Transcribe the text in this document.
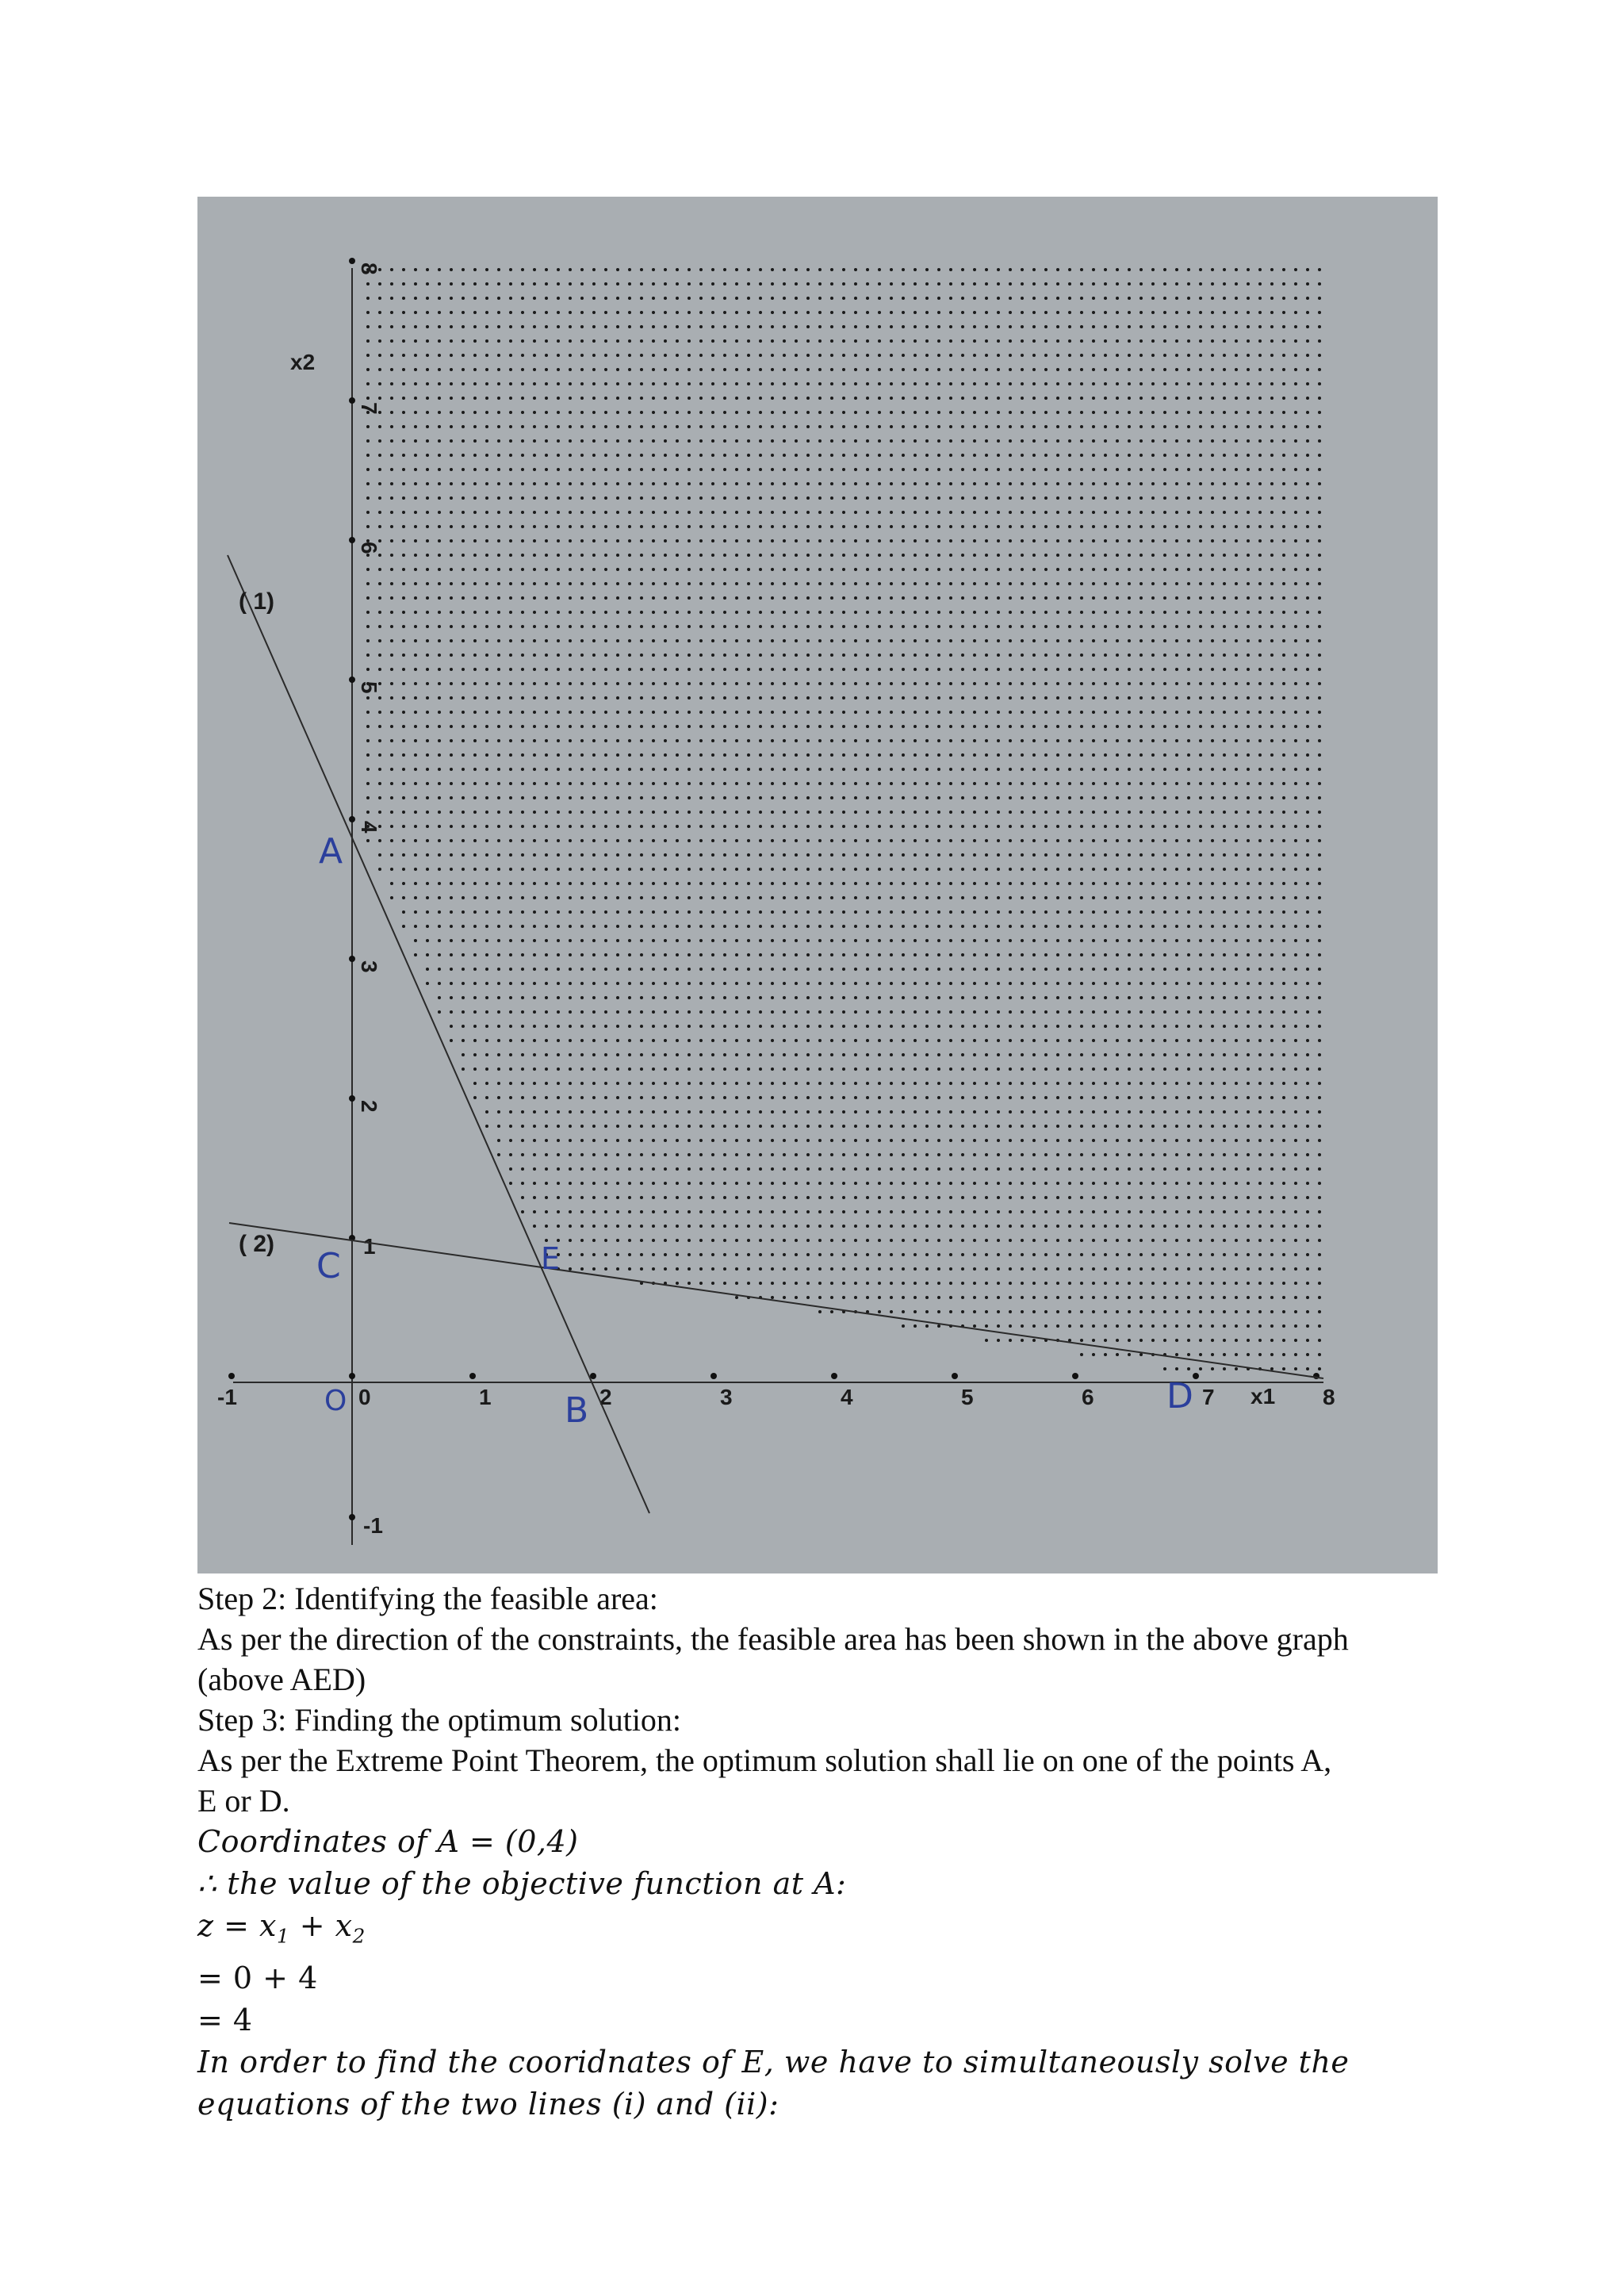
-1	0	1	2	3	4	5	6	7	8
-1
1
2
3
4
5
6
7
8
x2
x1
( 1)
( 2)
A
B
C
D
E
O
Step 2: Identifying the feasible area:
As per the direction of the constraints, the feasible area has been shown in the above graph
(above AED)
Step 3: Finding the optimum solution:
As per the Extreme Point Theorem, the optimum solution shall lie on one of the points A,
E or D.
Coordinates of A = (0,4)
∴ the value of the objective function at A:
$z = x_1 + x_2$
= 0 + 4
= 4
In order to find the cooridnates of E, we have to simultaneously solve the
equations of the two lines (i) and (ii):
